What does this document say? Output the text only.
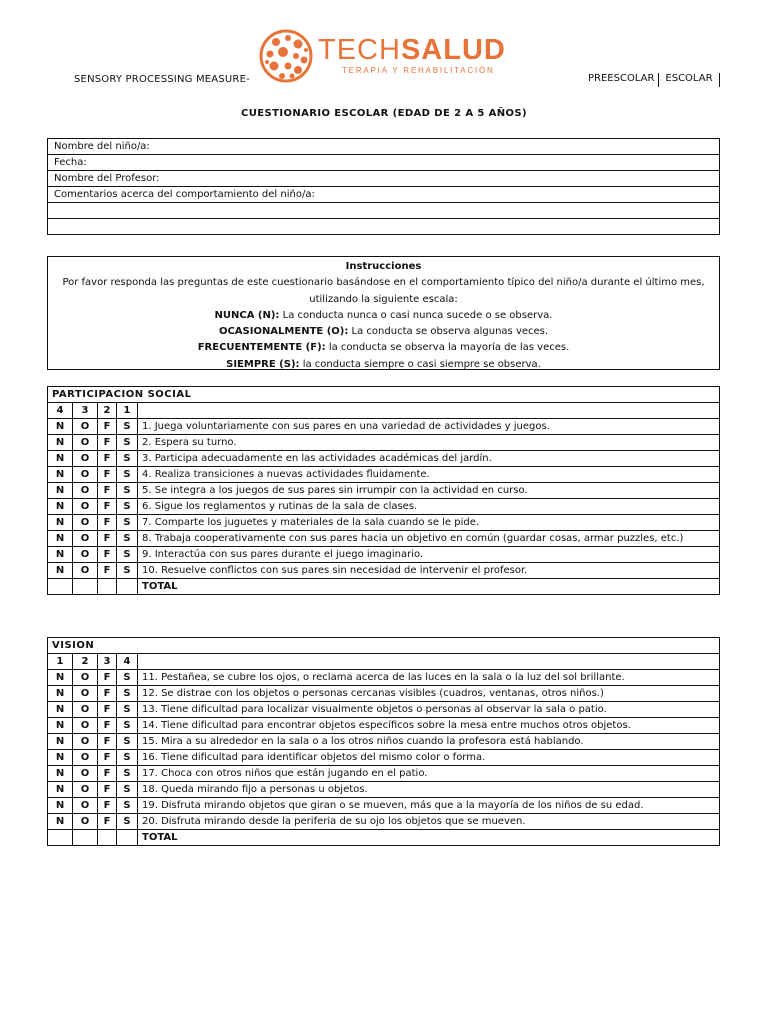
TECHSALUD
TERAPIA Y REHABILITACIÓN
SENSORY PROCESSING MEASURE-	PREESCOLAR	ESCOLAR
CUESTIONARIO ESCOLAR (EDAD DE 2 A 5 AÑOS)
Nombre del niño/a:
Fecha:
Nombre del Profesor:
Comentarios acerca del comportamiento del niño/a:

Instrucciones
Por favor responda las preguntas de este cuestionario basándose en el comportamiento típico del niño/a durante el último mes, utilizando la siguiente escala:
NUNCA (N): La conducta nunca o casi nunca sucede o se observa.
OCASIONALMENTE (O): La conducta se observa algunas veces.
FRECUENTEMENTE (F): la conducta se observa la mayoría de las veces.
SIEMPRE (S): la conducta siempre o casi siempre se observa.
PARTICIPACION SOCIAL				
4	3	2	1	
N	O	F	S	1. Juega voluntariamente con sus pares en una variedad de actividades y juegos.
N	O	F	S	2. Espera su turno.
N	O	F	S	3. Participa adecuadamente en las actividades académicas del jardín.
N	O	F	S	4. Realiza transiciones a nuevas actividades fluidamente.
N	O	F	S	5. Se integra a los juegos de sus pares sin irrumpir con la actividad en curso.
N	O	F	S	6. Sigue los reglamentos y rutinas de la sala de clases.
N	O	F	S	7. Comparte los juguetes y materiales de la sala cuando se le pide.
N	O	F	S	8. Trabaja cooperativamente con sus pares hacia un objetivo en común (guardar cosas, armar puzzles, etc.)
N	O	F	S	9. Interactúa con sus pares durante el juego imaginario.
N	O	F	S	10. Resuelve conflictos con sus pares sin necesidad de intervenir el profesor.
				TOTAL
VISION				
1	2	3	4	
N	O	F	S	11. Pestañea, se cubre los ojos, o reclama acerca de las luces en la sala o la luz del sol brillante.
N	O	F	S	12. Se distrae con los objetos o personas cercanas visibles (cuadros, ventanas, otros niños.)
N	O	F	S	13. Tiene dificultad para localizar visualmente objetos o personas al observar la sala o patio.
N	O	F	S	14. Tiene dificultad para encontrar objetos específicos sobre la mesa entre muchos otros objetos.
N	O	F	S	15. Mira a su alrededor en la sala o a los otros niños cuando la profesora está hablando.
N	O	F	S	16. Tiene dificultad para identificar objetos del mismo color o forma.
N	O	F	S	17. Choca con otros niños que están jugando en el patio.
N	O	F	S	18. Queda mirando fijo a personas u objetos.
N	O	F	S	19. Disfruta mirando objetos que giran o se mueven, más que a la mayoría de los niños de su edad.
N	O	F	S	20. Disfruta mirando desde la periferia de su ojo los objetos que se mueven.
				TOTAL
